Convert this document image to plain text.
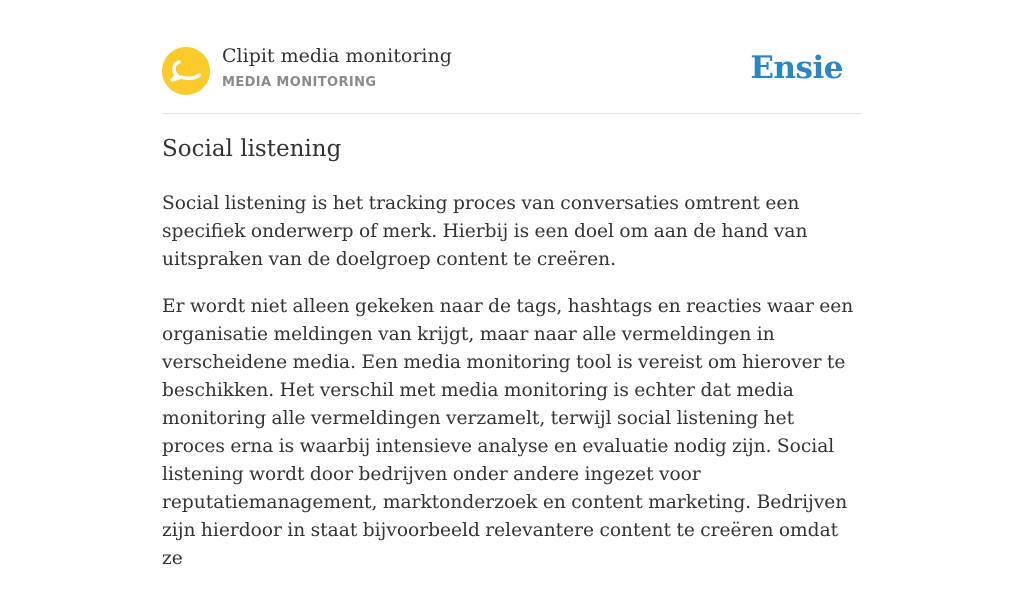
Clipit media monitoring
MEDIA MONITORING	Ensie
Social listening

Social listening is het tracking proces van conversaties omtrent een specifiek onderwerp of merk. Hierbij is een doel om aan de hand van uitspraken van de doelgroep content te creëren.

Er wordt niet alleen gekeken naar de tags, hashtags en reacties waar een organisatie meldingen van krijgt, maar naar alle vermeldingen in verscheidene media. Een media monitoring tool is vereist om hierover te beschikken. Het verschil met media monitoring is echter dat media monitoring alle vermeldingen verzamelt, terwijl social listening het proces erna is waarbij intensieve analyse en evaluatie nodig zijn. Social listening wordt door bedrijven onder andere ingezet voor reputatiemanagement, marktonderzoek en content marketing. Bedrijven zijn hierdoor in staat bijvoorbeeld relevantere content te creëren omdat ze
